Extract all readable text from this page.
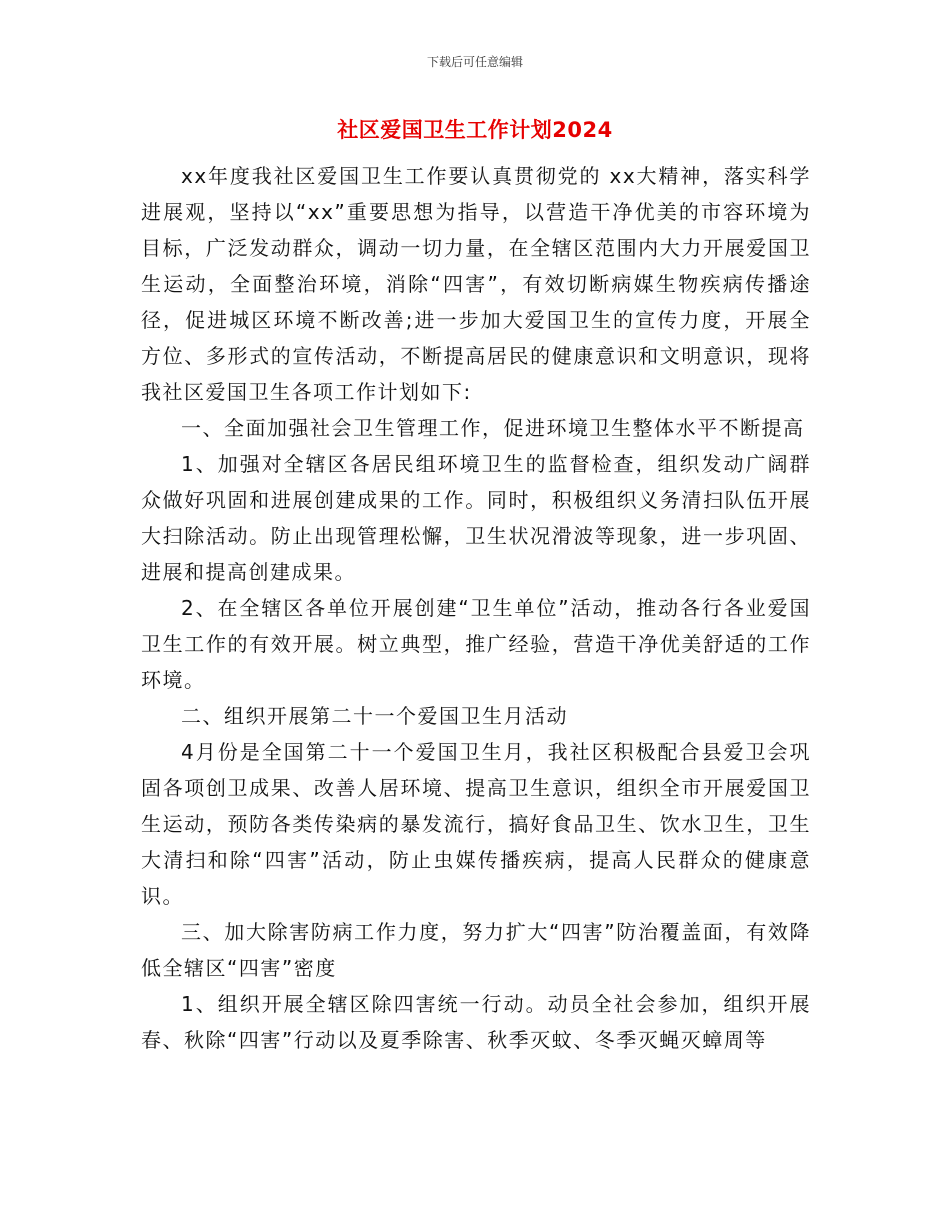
下载后可任意编辑
社区爱国卫生工作计划2024

xx年度我社区爱国卫生工作要认真贯彻党的 xx大精神，落实科学进展观，坚持以“xx”重要思想为指导，以营造干净优美的市容环境为目标，广泛发动群众，调动一切力量，在全辖区范围内大力开展爱国卫生运动，全面整治环境，消除“四害”，有效切断病媒生物疾病传播途径，促进城区环境不断改善;进一步加大爱国卫生的宣传力度，开展全方位、多形式的宣传活动，不断提高居民的健康意识和文明意识，现将我社区爱国卫生各项工作计划如下:

一、全面加强社会卫生管理工作，促进环境卫生整体水平不断提高

1、加强对全辖区各居民组环境卫生的监督检查，组织发动广阔群众做好巩固和进展创建成果的工作。同时，积极组织义务清扫队伍开展大扫除活动。防止出现管理松懈，卫生状况滑波等现象，进一步巩固、进展和提高创建成果。

2、在全辖区各单位开展创建“卫生单位”活动，推动各行各业爱国卫生工作的有效开展。树立典型，推广经验，营造干净优美舒适的工作环境。

二、组织开展第二十一个爱国卫生月活动

4月份是全国第二十一个爱国卫生月，我社区积极配合县爱卫会巩固各项创卫成果、改善人居环境、提高卫生意识，组织全市开展爱国卫生运动，预防各类传染病的暴发流行，搞好食品卫生、饮水卫生，卫生大清扫和除“四害”活动，防止虫媒传播疾病，提高人民群众的健康意识。

三、加大除害防病工作力度，努力扩大“四害”防治覆盖面，有效降低全辖区“四害”密度

1、组织开展全辖区除四害统一行动。动员全社会参加，组织开展春、秋除“四害”行动以及夏季除害、秋季灭蚊、冬季灭蝇灭蟑周等
